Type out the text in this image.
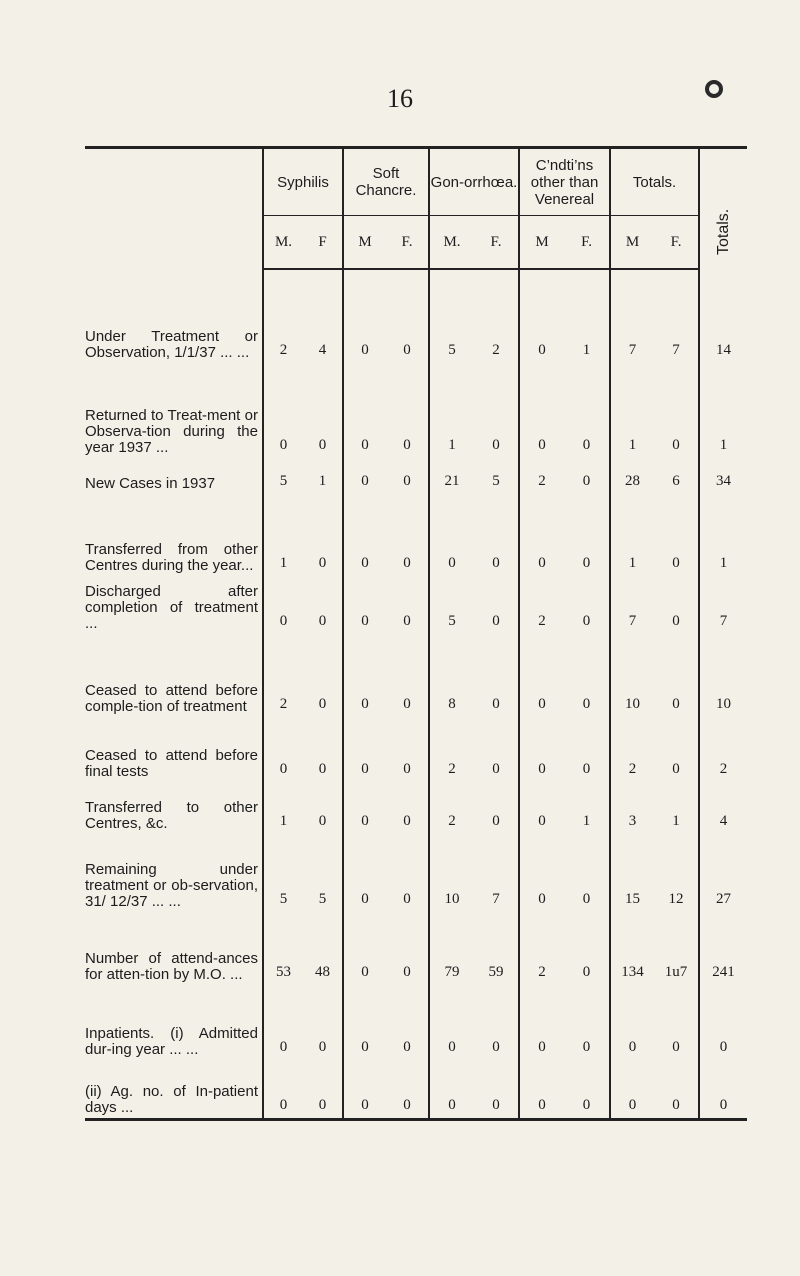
16
	Syphilis		Soft Chancre.		Gon-orrhœa.		C’ndti’ns other than Venereal		Totals.		Totals.

	M.	F	M	F.	M.	F.	M	F.	M	F.	
Under Treatment or Observation, 1/1/37 ... ...	2	4	0	0	5	2	0	1	7	7	14
Returned to Treat-ment or Observa-tion during the year 1937 ...	0	0	0	0	1	0	0	0	1	0	1
New Cases in 1937	5	1	0	0	21	5	2	0	28	6	34
Transferred from other Centres during the year...	1	0	0	0	0	0	0	0	1	0	1
Discharged after completion of treatment ...	0	0	0	0	5	0	2	0	7	0	7
Ceased to attend before comple-tion of treatment	2	0	0	0	8	0	0	0	10	0	10
Ceased to attend before final tests	0	0	0	0	2	0	0	0	2	0	2
Transferred to other Centres, &c.	1	0	0	0	2	0	0	1	3	1	4
Remaining under treatment or ob-servation, 31/ 12/37 ... ...	5	5	0	0	10	7	0	0	15	12	27
Number of attend-ances for atten-tion by M.O. ...	53	48	0	0	79	59	2	0	134	1u7	241
Inpatients. (i) Admitted dur-ing year ... ...	0	0	0	0	0	0	0	0	0	0	0
(ii) Ag. no. of In-patient days ...	0	0	0	0	0	0	0	0	0	0	0
